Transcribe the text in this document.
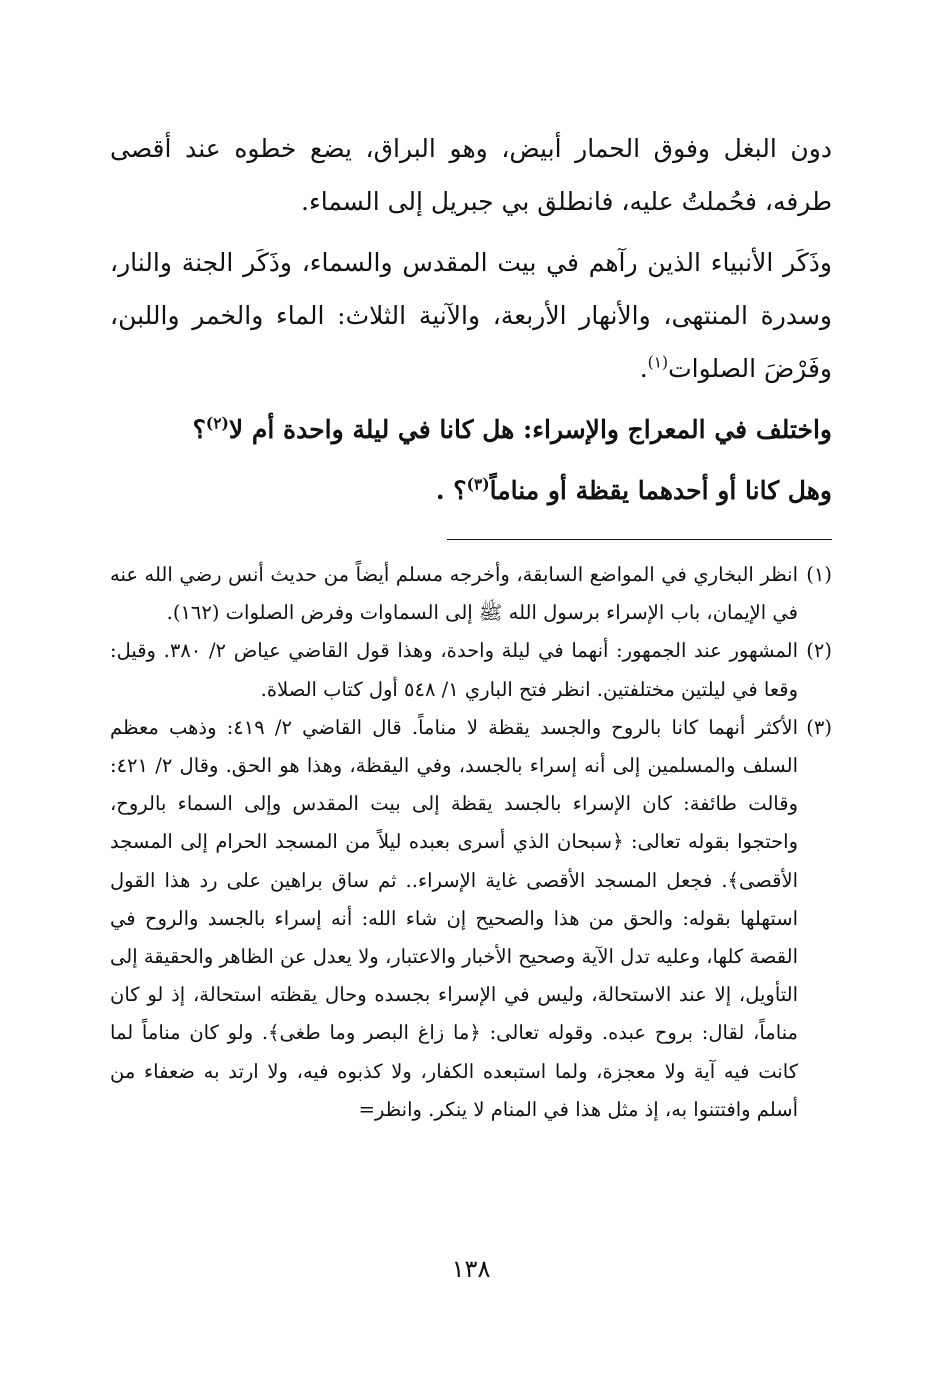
دون البغل وفوق الحمار أبيض، وهو البراق، يضع خطوه عند أقصى طرفه، فحُملتُ عليه، فانطلق بي جبريل إلى السماء.

وذَكَر الأنبياء الذين رآهم في بيت المقدس والسماء، وذَكَر الجنة والنار، وسدرة المنتهى، والأنهار الأربعة، والآنية الثلاث: الماء والخمر واللبن، وفَرْضَ الصلوات$^{(١)}$.

واختلف في المعراج والإسراء: هل كانا في ليلة واحدة أم لا$^{(٢)}$؟

وهل كانا أو أحدهما يقظة أو مناماً$^{(٣)}$؟ .

(١)
انظر البخاري في المواضع السابقة، وأخرجه مسلم أيضاً من حديث أنس رضي الله عنه في الإيمان، باب الإسراء برسول الله ﷺ إلى السماوات وفرض الصلوات (١٦٢).
(٢)
المشهور عند الجمهور: أنهما في ليلة واحدة، وهذا قول القاضي عياض ٢/ ٣٨٠. وقيل: وقعا في ليلتين مختلفتين. انظر فتح الباري ١/ ٥٤٨ أول كتاب الصلاة.
(٣)
الأكثر أنهما كانا بالروح والجسد يقظة لا مناماً. قال القاضي ٢/ ٤١٩: وذهب معظم السلف والمسلمين إلى أنه إسراء بالجسد، وفي اليقظة، وهذا هو الحق. وقال ٢/ ٤٢١: وقالت طائفة: كان الإسراء بالجسد يقظة إلى بيت المقدس وإلى السماء بالروح، واحتجوا بقوله تعالى: ﴿سبحان الذي أسرى بعبده ليلاً من المسجد الحرام إلى المسجد الأقصى﴾. فجعل المسجد الأقصى غاية الإسراء.. ثم ساق براهين على رد هذا القول استهلها بقوله: والحق من هذا والصحيح إن شاء الله: أنه إسراء بالجسد والروح في القصة كلها، وعليه تدل الآية وصحيح الأخبار والاعتبار، ولا يعدل عن الظاهر والحقيقة إلى التأويل، إلا عند الاستحالة، وليس في الإسراء بجسده وحال يقظته استحالة، إذ لو كان مناماً، لقال: بروح عبده. وقوله تعالى: ﴿ما زاغ البصر وما طغى﴾. ولو كان مناماً لما كانت فيه آية ولا معجزة، ولما استبعده الكفار، ولا كذبوه فيه، ولا ارتد به ضعفاء من أسلم وافتتنوا به، إذ مثل هذا في المنام لا ينكر. وانظر=
١٣٨
